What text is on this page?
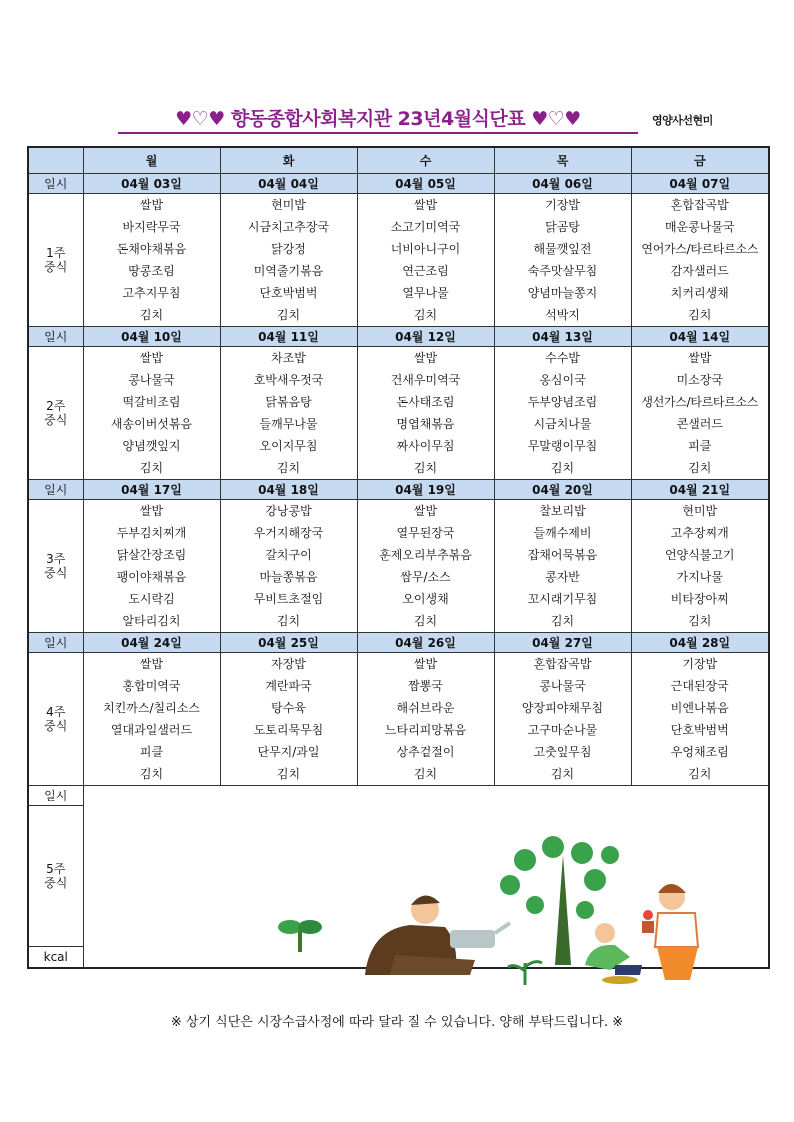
♥♡♥ 향동종합사회복지관 23년4월식단표 ♥♡♥	영양사선현미
	월	화	수	목	금
일시	04월 03일	04월 04일	04월 05일	04월 06일	04월 07일
1주
중식	쌀밥	현미밥	쌀밥	기장밥	혼합잡곡밥
	바지락무국	시금치고추장국	소고기미역국	닭곰탕	매운콩나물국
	돈채야채볶음	닭강정	너비아니구이	해물깻잎전	연어가스/타르타르소스
	땅콩조림	미역줄기볶음	연근조림	숙주맛살무침	감자샐러드
	고추지무침	단호박범벅	열무나물	양념마늘쫑지	치커리생채
	김치	김치	김치	석박지	김치
일시	04월 10일	04월 11일	04월 12일	04월 13일	04월 14일
2주
중식	쌀밥	차조밥	쌀밥	수수밥	쌀밥
	콩나물국	호박새우젓국	건새우미역국	옹심이국	미소장국
	떡갈비조림	닭볶음탕	돈사태조림	두부양념조림	생선가스/타르타르소스
	새송이버섯볶음	들깨무나물	명엽채볶음	시금치나물	콘샐러드
	양념깻잎지	오이지무침	짜사이무침	무말랭이무침	피클
	김치	김치	김치	김치	김치
일시	04월 17일	04월 18일	04월 19일	04월 20일	04월 21일
3주
중식	쌀밥	강낭콩밥	쌀밥	찰보리밥	현미밥
	두부김치찌개	우거지해장국	열무된장국	들깨수제비	고추장찌개
	닭살간장조림	갈치구이	훈제오리부추볶음	잡채어묵볶음	언양식불고기
	팽이야채볶음	마늘쫑볶음	쌈무/소스	콩자반	가지나물
	도시락김	무비트초절임	오이생채	꼬시래기무침	비타장아찌
	알타리김치	김치	김치	김치	김치
일시	04월 24일	04월 25일	04월 26일	04월 27일	04월 28일
4주
중식	쌀밥	자장밥	쌀밥	혼합잡곡밥	기장밥
	홍합미역국	계란파국	짬뽕국	콩나물국	근대된장국
	치킨까스/칠리소스	탕수육	해쉬브라운	양장피야채무침	비엔나볶음
	열대과일샐러드	도토리묵무침	느타리피망볶음	고구마순나물	단호박범벅
	피클	단무지/과일	상추겉절이	고춧잎무침	우엉채조림
	김치	김치	김치	김치	김치
일시					
5주
중식					
kcal					
※ 상기 식단은 시장수급사정에 따라 달라 질 수 있습니다. 양해 부탁드립니다. ※
